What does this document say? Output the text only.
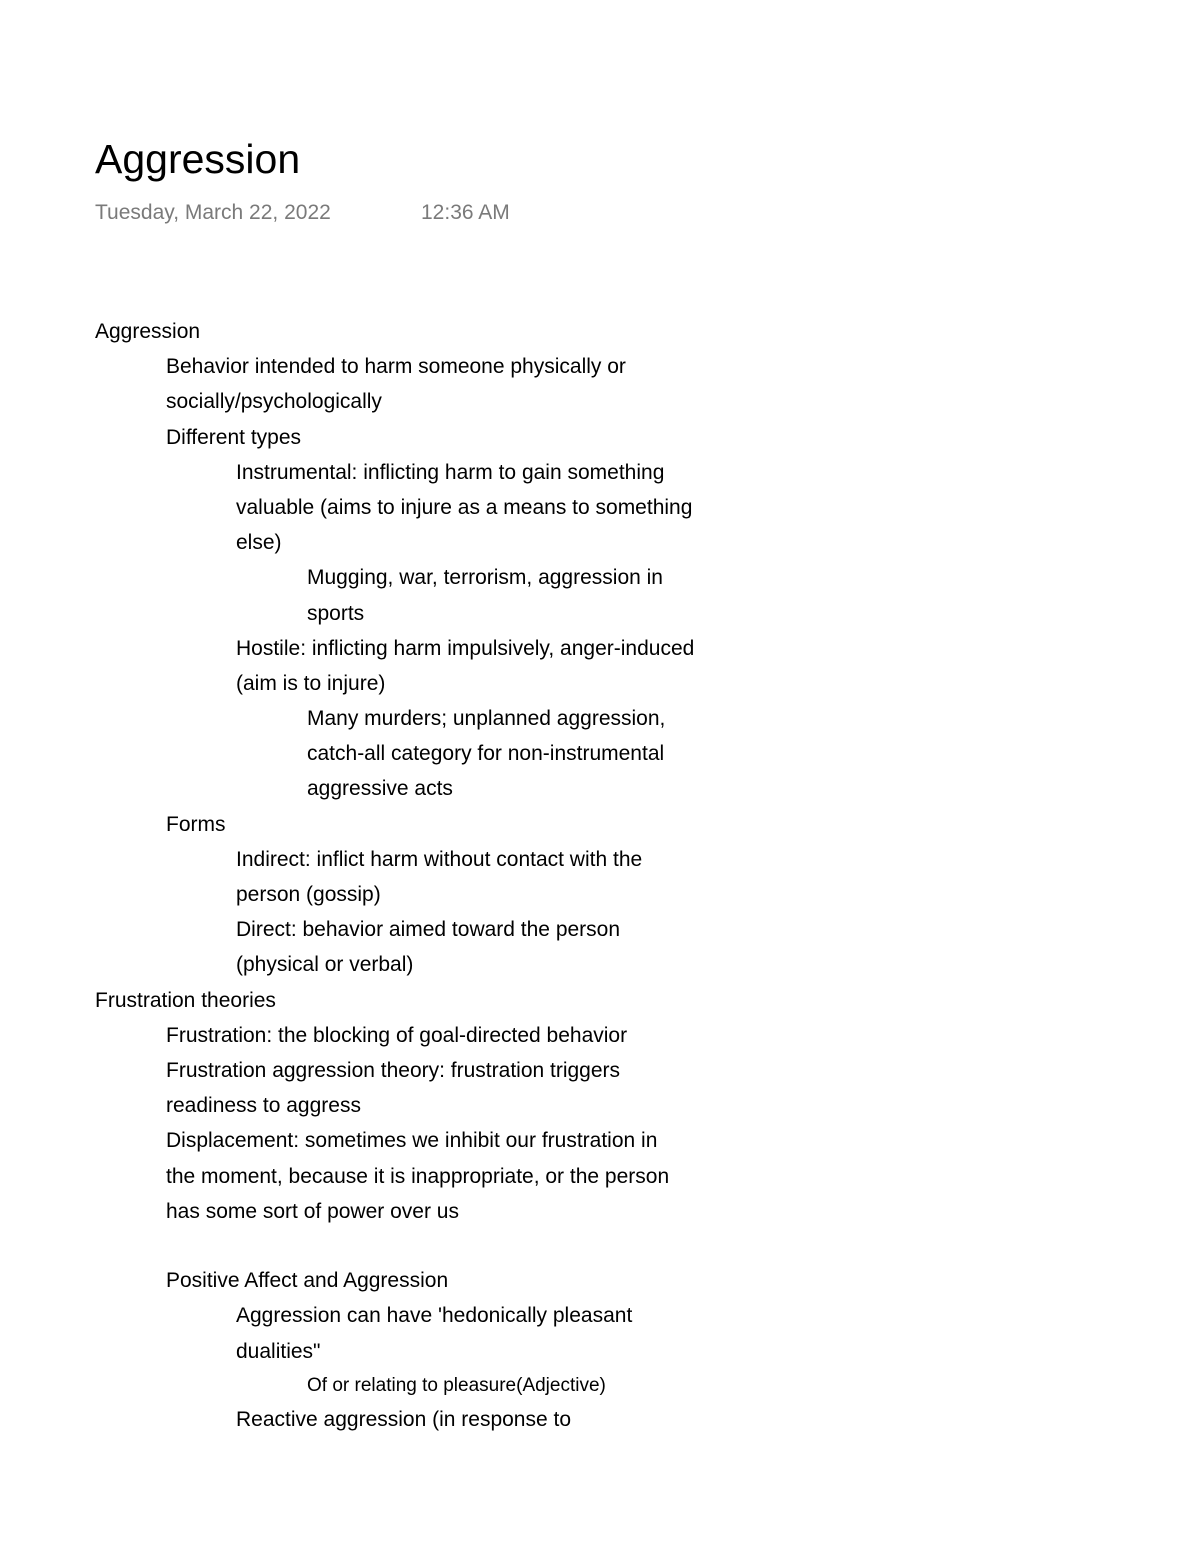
Aggression
Tuesday, March 22, 2022	12:36 AM
Aggression
Behavior intended to harm someone physically or
socially/psychologically
Different types
Instrumental: inflicting harm to gain something
valuable (aims to injure as a means to something
else)
Mugging, war, terrorism, aggression in
sports
Hostile: inflicting harm impulsively, anger-induced
(aim is to injure)
Many murders; unplanned aggression,
catch-all category for non-instrumental
aggressive acts
Forms
Indirect: inflict harm without contact with the
person (gossip)
Direct: behavior aimed toward the person
(physical or verbal)
Frustration theories
Frustration: the blocking of goal-directed behavior
Frustration aggression theory: frustration triggers
readiness to aggress
Displacement: sometimes we inhibit our frustration in
the moment, because it is inappropriate, or the person
has some sort of power over us
Positive Affect and Aggression
Aggression can have 'hedonically pleasant
dualities"
Of or relating to pleasure(Adjective)
Reactive aggression (in response to
